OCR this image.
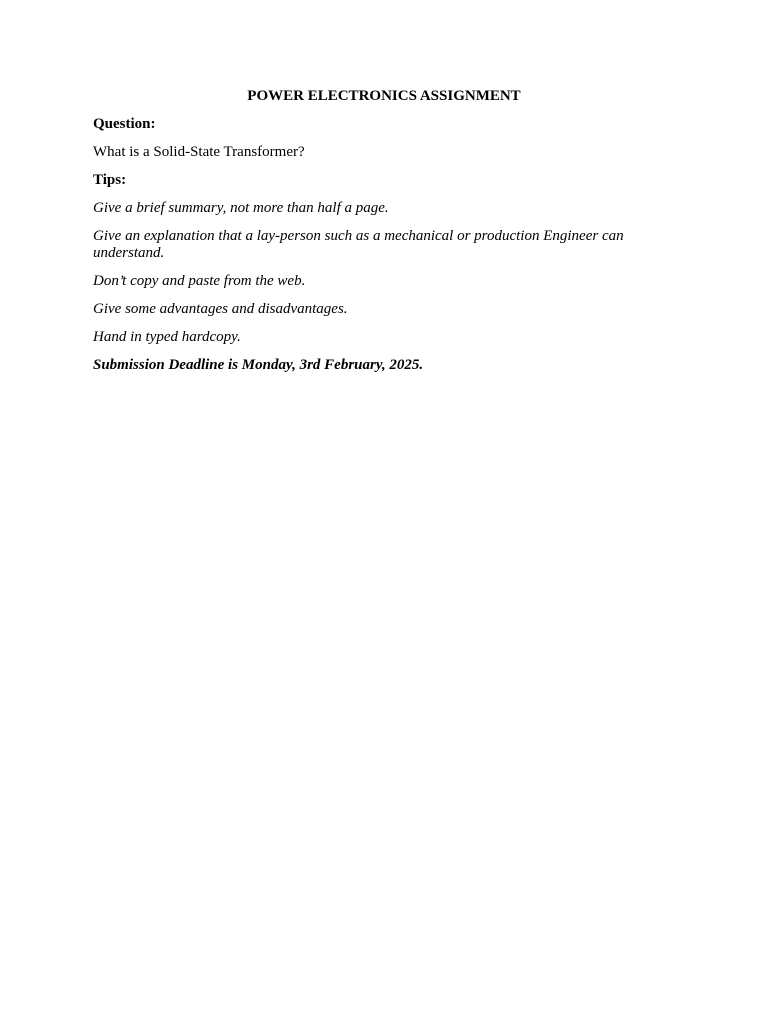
POWER ELECTRONICS ASSIGNMENT

Question:

What is a Solid-State Transformer?

Tips:

Give a brief summary, not more than half a page.

Give an explanation that a lay-person such as a mechanical or production Engineer can understand.

Don’t copy and paste from the web.

Give some advantages and disadvantages.

Hand in typed hardcopy.

Submission Deadline is Monday, 3rd February, 2025.
